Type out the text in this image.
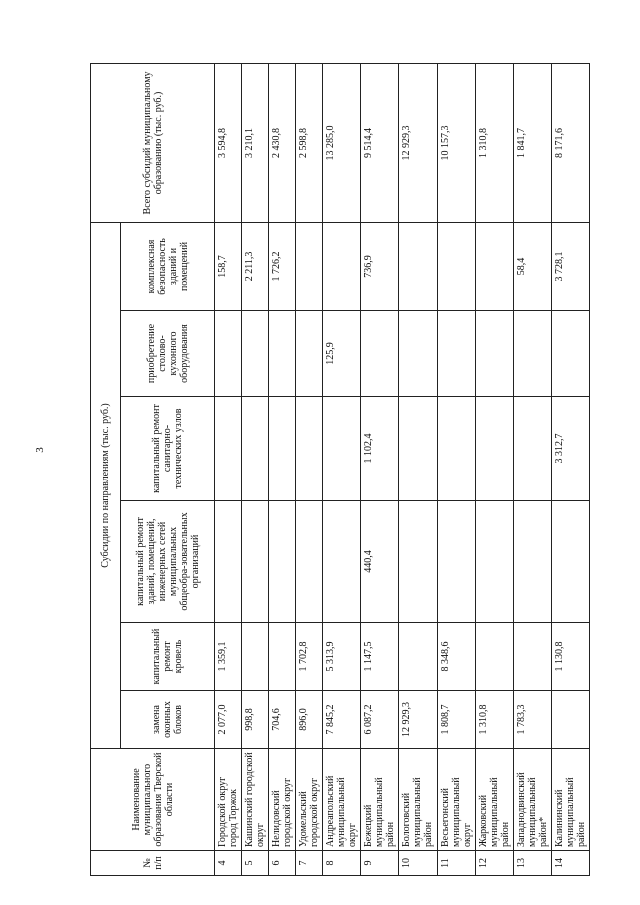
3
№ п/п	Наименование муниципального образования Тверской области	Субсидии по направлениям (тыс. руб.)						Всего субсидий муниципальному образованию (тыс. руб.)
		замена оконных блоков	капитальный ремонт кровель	капитальный ремонт зданий, помещений, инженерных сетей муниципальных общеобра-зовательных организаций	капитальный ремонт санитарно-технических узлов	приобретение столово-кухонного оборудования	комплексная безопасность зданий и помещений	
4	Городской округ город Торжок	2 077,0	1 359,1				158,7	3 594,8
5	Кашинский городской округ	998,8					2 211,3	3 210,1
6	Нелидовский городской округ	704,6					1 726,2	2 430,8
7	Удомельский городской округ	896,0	1 702,8					2 598,8
8	Андреапольский муниципальный округ	7 845,2	5 313,9			125,9		13 285,0
9	Бежецкий муниципальный район	6 087,2	1 147,5	440,4	1 102,4		736,9	9 514,4
10	Бологовский муниципальный район	12 929,3						12 929,3
11	Весьегонский муниципальный округ	1 808,7	8 348,6					10 157,3
12	Жарковский муниципальный район	1 310,8						1 310,8
13	Западнодвинский муниципальный район*	1 783,3					58,4	1 841,7
14	Калининский муниципальный район		1 130,8		3 312,7		3 728,1	8 171,6
